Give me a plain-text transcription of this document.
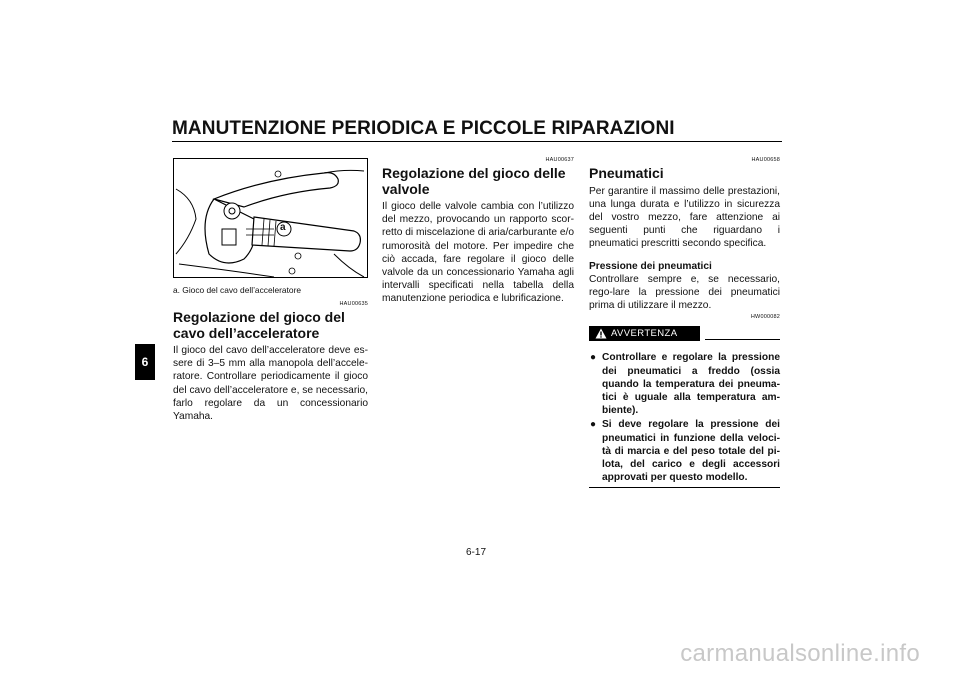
MANUTENZIONE PERIODICA E PICCOLE RIPARAZIONI
6
a
a. Gioco del cavo dell’acceleratore
HAU00635
Regolazione del gioco del cavo dell’acceleratore

Il gioco del cavo dell’acceleratore deve es-sere di 3–5 mm alla manopola dell’accele-ratore. Controllare periodicamente il gioco del cavo dell’acceleratore e, se necessario, farlo regolare da un concessionario Yamaha.

HAU00637
Regolazione del gioco delle valvole

Il gioco delle valvole cambia con l’utilizzo del mezzo, provocando un rapporto scor-retto di miscelazione di aria/carburante e/o rumorosità del motore. Per impedire che ciò accada, fare regolare il gioco delle valvole da un concessionario Yamaha agli intervalli specificati nella tabella della manutenzione periodica e lubrificazione.

HAU00658
Pneumatici

Per garantire il massimo delle prestazioni, una lunga durata e l’utilizzo in sicurezza del vostro mezzo, fare attenzione ai seguenti punti che riguardano i pneumatici prescritti secondo specifica.

Pressione dei pneumatici

Controllare sempre e, se necessario, rego-lare la pressione dei pneumatici prima di utilizzare il mezzo.

HW000082
AVVERTENZA
● Controllare e regolare la pressione dei pneumatici a freddo (ossia quando la temperatura dei pneuma-tici è uguale alla temperatura am-biente).
● Si deve regolare la pressione dei pneumatici in funzione della veloci-tà di marcia e del peso totale del pi-lota, del carico e degli accessori approvati per questo modello.
6-17
carmanualsonline.info
